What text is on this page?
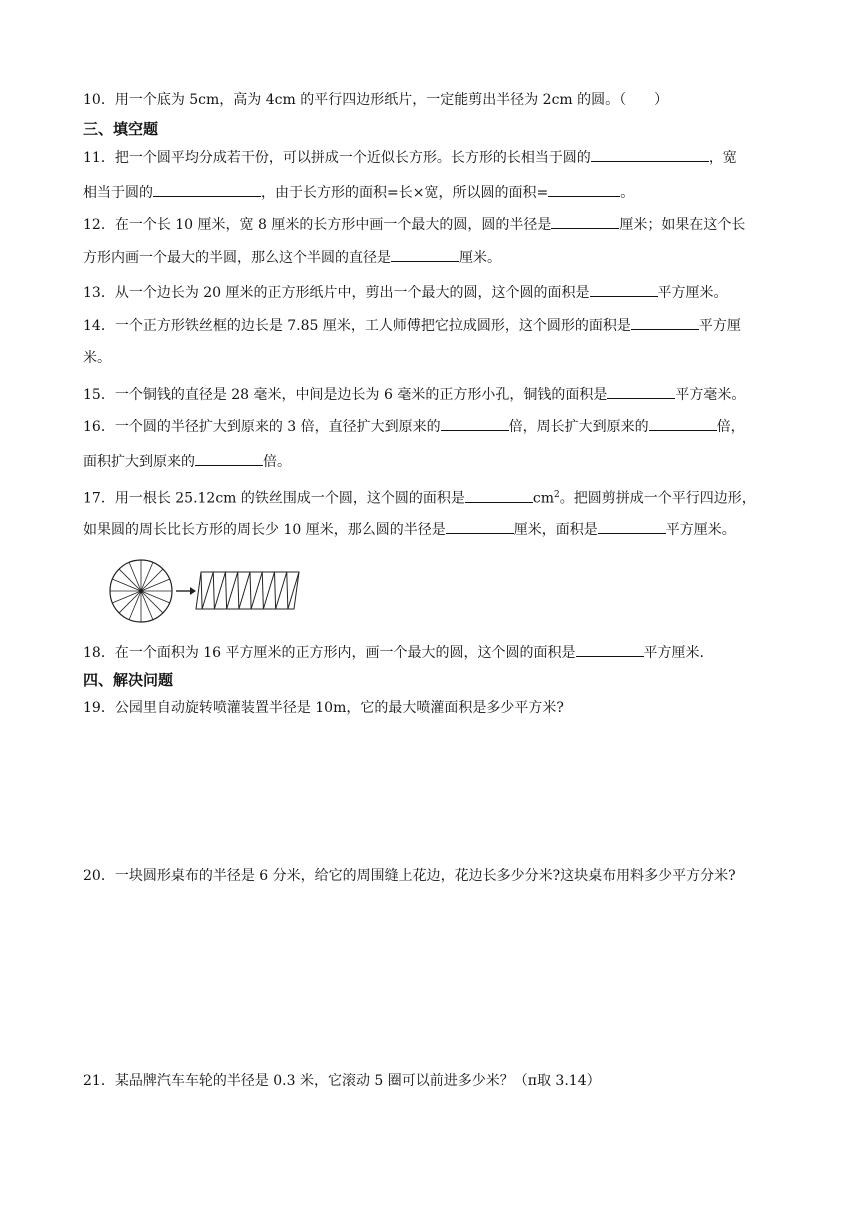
10．用一个底为 5cm，高为 4cm 的平行四边形纸片，一定能剪出半径为 2cm 的圆。（　　）
三、填空题
11．把一个圆平均分成若干份，可以拼成一个近似长方形。长方形的长相当于圆的	，宽
相当于圆的	，由于长方形的面积=长×宽，所以圆的面积=	。
12．在一个长 10 厘米，宽 8 厘米的长方形中画一个最大的圆，圆的半径是	厘米；如果在这个长
方形内画一个最大的半圆，那么这个半圆的直径是	厘米。
13．从一个边长为 20 厘米的正方形纸片中，剪出一个最大的圆，这个圆的面积是	平方厘米。
14．一个正方形铁丝框的边长是 7.85 厘米，工人师傅把它拉成圆形，这个圆形的面积是	平方厘
米。
15．一个铜钱的直径是 28 毫米，中间是边长为 6 毫米的正方形小孔，铜钱的面积是	平方毫米。
16．一个圆的半径扩大到原来的 3 倍，直径扩大到原来的	倍，周长扩大到原来的	倍，
面积扩大到原来的	倍。
17．用一根长 25.12cm 的铁丝围成一个圆，这个圆的面积是	$cm^2$。把圆剪拼成一个平行四边形，
如果圆的周长比长方形的周长少 10 厘米，那么圆的半径是	厘米，面积是	平方厘米。
18．在一个面积为 16 平方厘米的正方形内，画一个最大的圆，这个圆的面积是	平方厘米.
四、解决问题
19．公园里自动旋转喷灌装置半径是 10m，它的最大喷灌面积是多少平方米?
20．一块圆形桌布的半径是 6 分米，给它的周围缝上花边，花边长多少分米?这块桌布用料多少平方分米?
21．某品牌汽车车轮的半径是 0.3 米，它滚动 5 圈可以前进多少米？（π取 3.14）
